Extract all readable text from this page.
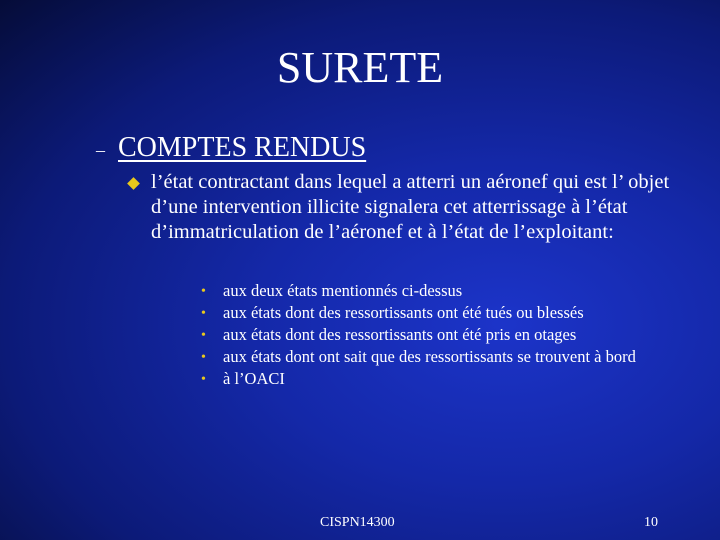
SURETE
– COMPTES RENDUS
l’état contractant dans lequel a atterri un aéronef qui est l’ objet d’une intervention illicite signalera cet atterrissage à l’état d’immatriculation de l’aéronef et à l’état de l’exploitant:
• aux deux états mentionnés ci-dessus
• aux états dont des ressortissants ont été tués ou blessés
• aux états dont des ressortissants ont été pris en otages
• aux états dont ont sait que des ressortissants se trouvent à bord
• à l’OACI
CISPN14300	10
